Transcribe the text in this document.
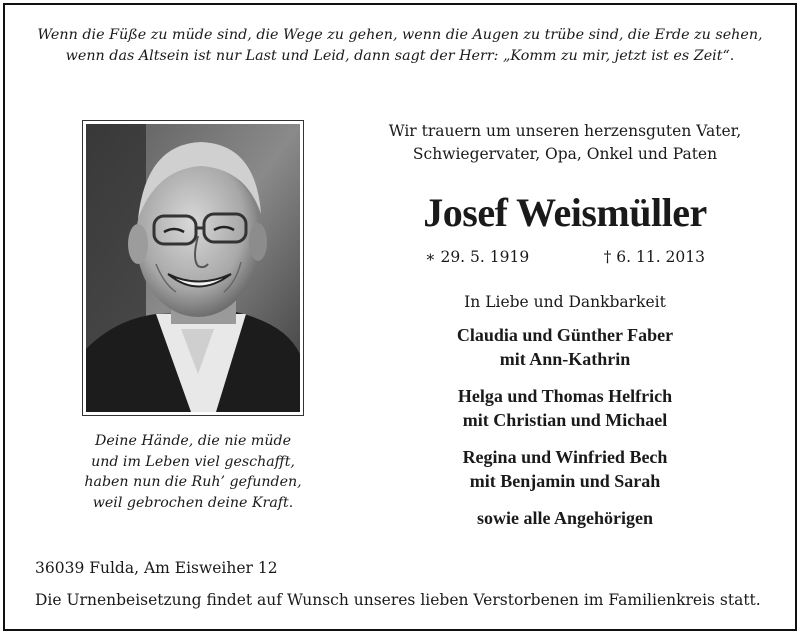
Wenn die Füße zu müde sind, die Wege zu gehen, wenn die Augen zu trübe sind, die Erde zu sehen,
wenn das Altsein ist nur Last und Leid, dann sagt der Herr: „Komm zu mir, jetzt ist es Zeit“.
Deine Hände, die nie müde
und im Leben viel geschafft,
haben nun die Ruh’ gefunden,
weil gebrochen deine Kraft.
Wir trauern um unseren herzensguten Vater,
Schwiegervater, Opa, Onkel und Paten
Josef Weismüller
∗ 29. 5. 1919	† 6. 11. 2013
In Liebe und Dankbarkeit
Claudia und Günther Faber
mit Ann-Kathrin
Helga und Thomas Helfrich
mit Christian und Michael
Regina und Winfried Bech
mit Benjamin und Sarah
sowie alle Angehörigen
36039 Fulda, Am Eisweiher 12
Die Urnenbeisetzung findet auf Wunsch unseres lieben Verstorbenen im Familienkreis statt.
